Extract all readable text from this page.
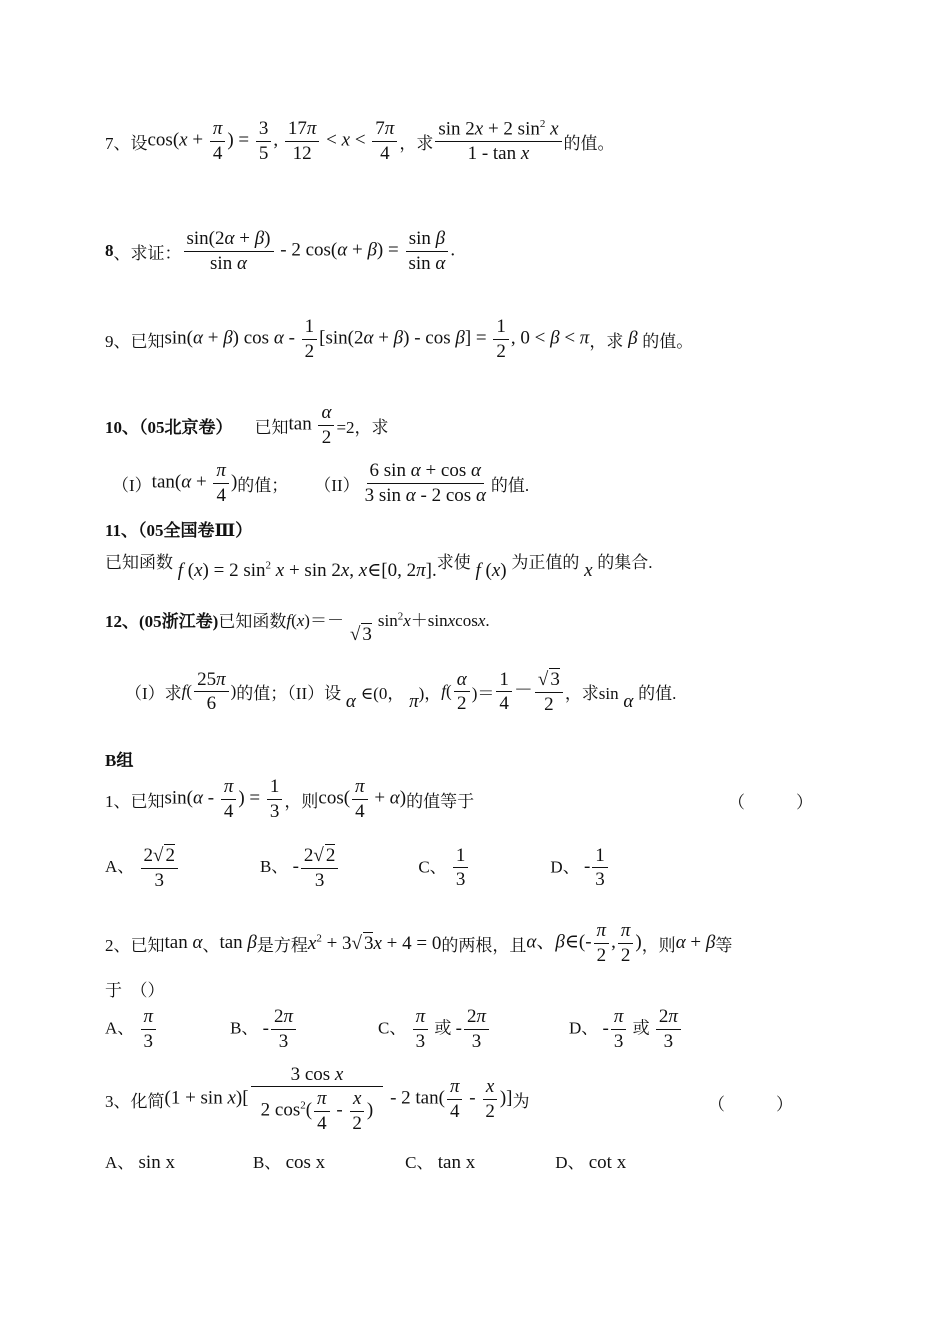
7、设 $\cos(x + \frac{\pi}{4}$ ) = $\frac{3}{5}$ , $\frac{17\pi}{12} < x < \frac{7\pi}{4}$ ，求 $\frac{\sin 2x + 2 \sin^2 x}{\text{1 - tan x}}$ 的值。
8 、求证： $\frac{\sin(2\alpha + \beta)}{\text{sin α}} - 2$ $\cos(\alpha + \beta) = \frac{\text{sin β}}{\text{sin α}}$ .
9、已知 sin(α + β) $\cos \alpha - \frac{1}{2} [\sin(2\alpha + \beta) - \cos \beta] = \frac{1}{2}$ , 0 < β < π ，求 β 的值。
10、（05北京卷） 已知 $\tan \frac{\alpha}{2} =2$，求
（I） $\tan(\alpha + \frac{\pi}{4}$ ) 的值； $(II) \frac{\text{6 sin α + cos α}}{\text{3 sin α - 2 cos α}}$ 的值.
11、（05全国卷Ⅲ）
已知函数 f (x) = 2 $\sin^2 x + \sin 2x$, x∈[0, 2π]. 求使 f (x) 为正值的 x 的集合.
12、(05浙江卷) 已知函数 f(x)＝－√ $3\sin^2x+sinxcosx$.
（I）求 $f( \frac{25\pi}{6}$ ) 的值；（II）设 α ∈(0， π )， $f( \frac{\alpha}{2}$ )＝ $\frac{1}{4} - \frac{√ 3}{2}$ ，求sin α 的值.
B组
1、已知 $\sin(\alpha - \frac{\pi}{4}$ ) = $\frac{1}{3}$ ，则 $\cos( \frac{\pi}{4} + \alpha)$ 的值等于	（　　　）
A、 $\frac{2√ 2}{3}$	B、 - $\frac{2√ 2}{3}$	C、 $\frac{1}{3}$	D、 - $\frac{1}{3}$
2、已知 tan α 、 tan β 是方程 $x^2 + 3√$ 3x + 4 = 0 的两根，且 α、β∈(- $\frac{\pi}{2}$ , $\frac{\pi}{2}$ ) ，则 α + β 等
于　（）
A、 $\frac{\pi}{3}$	B、 - $\frac{2\pi}{3}$	C、 $\frac{\pi}{3}$ 或 - $\frac{2\pi}{3}$	D、 - $\frac{\pi}{3}$ 或 $\frac{2\pi}{3}$
3、化简 $(1 + \sin x)[ \frac{\text{3 cos x}}{2 \cos^2( \frac{\pi}{4} - \frac{x}{2} )} - 2$ $\tan( \frac{\pi}{4} - \frac{x}{2}$ )] 为	（　　　）
A、 sin x	B、 cos x	C、 tan x	D、 cot x
